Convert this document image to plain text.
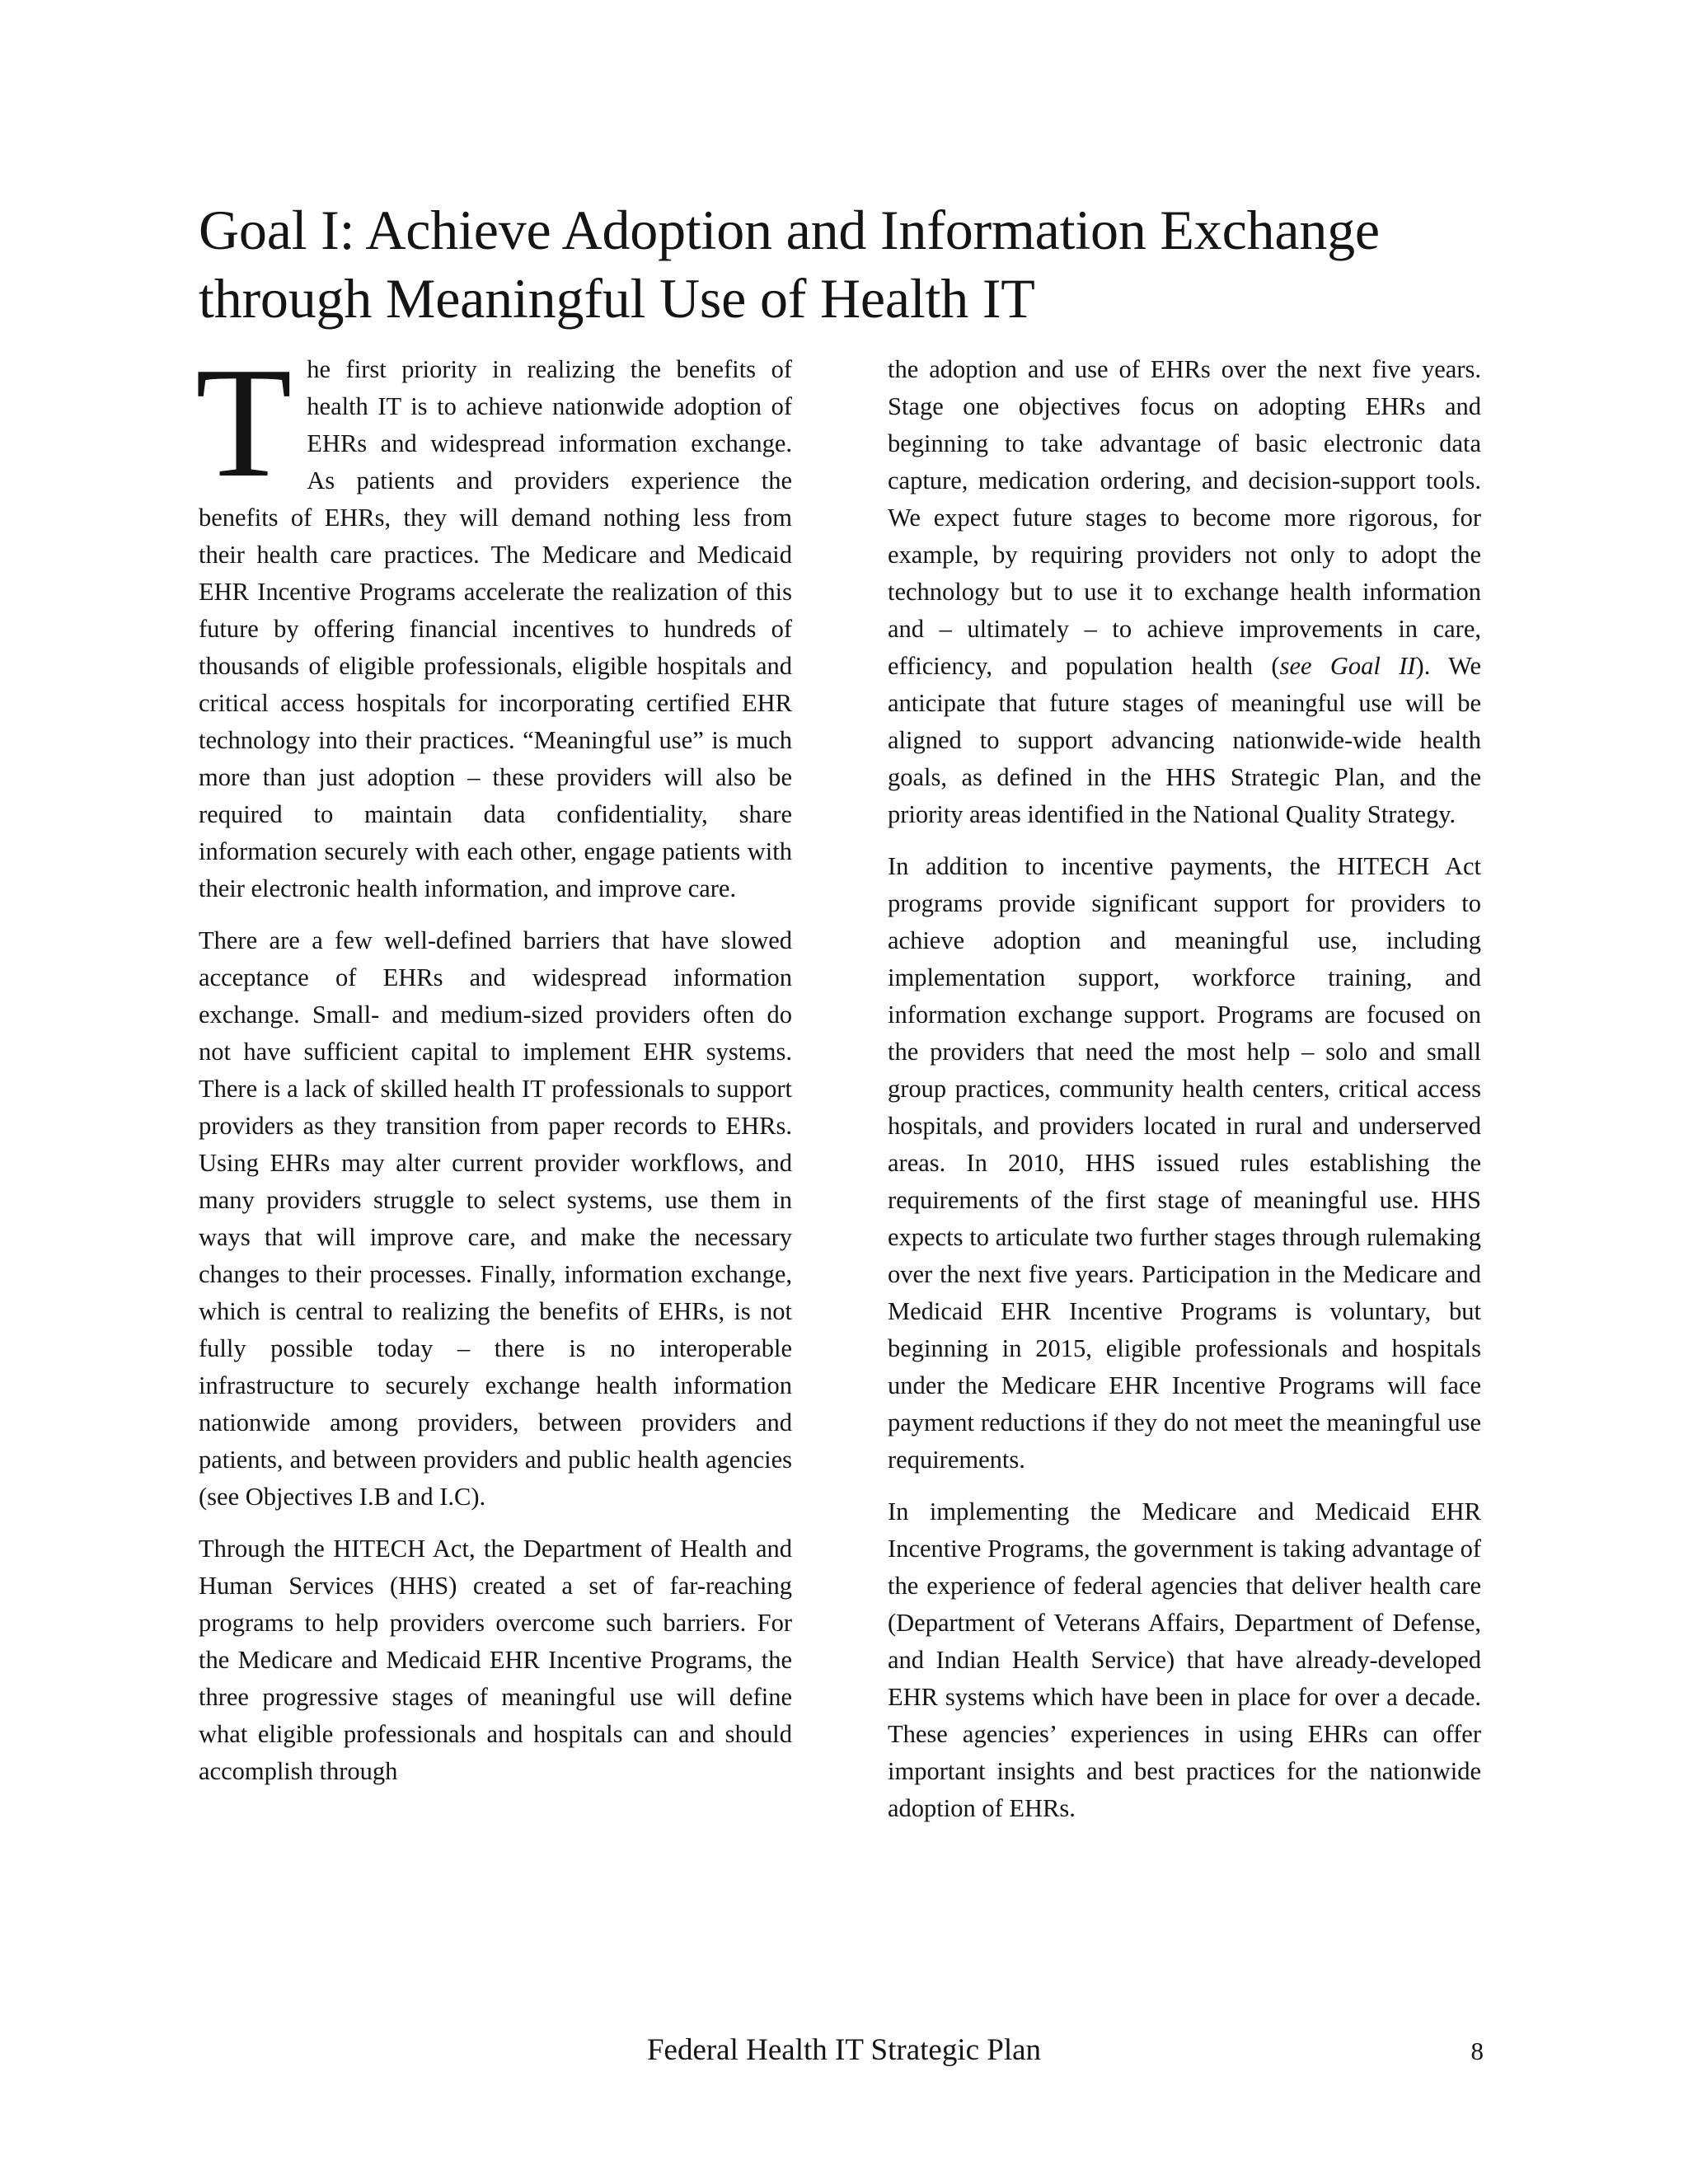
Goal I: Achieve Adoption and Information Exchange
through Meaningful Use of Health IT

The first priority in realizing the benefits of health IT is to achieve nationwide adoption of EHRs and widespread information exchange. As patients and providers experience the benefits of EHRs, they will demand nothing less from their health care practices. The Medicare and Medicaid EHR Incentive Programs accelerate the realization of this future by offering financial incentives to hundreds of thousands of eligible professionals, eligible hospitals and critical access hospitals for incorporating certified EHR technology into their practices. “Meaningful use” is much more than just adoption – these providers will also be required to maintain data confidentiality, share information securely with each other, engage patients with their electronic health information, and improve care.

There are a few well-defined barriers that have slowed acceptance of EHRs and widespread information exchange. Small- and medium-sized providers often do not have sufficient capital to implement EHR systems. There is a lack of skilled health IT professionals to support providers as they transition from paper records to EHRs. Using EHRs may alter current provider workflows, and many providers struggle to select systems, use them in ways that will improve care, and make the necessary changes to their processes. Finally, information exchange, which is central to realizing the benefits of EHRs, is not fully possible today – there is no interoperable infrastructure to securely exchange health information nationwide among providers, between providers and patients, and between providers and public health agencies (see Objectives I.B and I.C).

Through the HITECH Act, the Department of Health and Human Services (HHS) created a set of far-reaching programs to help providers overcome such barriers. For the Medicare and Medicaid EHR Incentive Programs, the three progressive stages of meaningful use will define what eligible professionals and hospitals can and should accomplish through

the adoption and use of EHRs over the next five years. Stage one objectives focus on adopting EHRs and beginning to take advantage of basic electronic data capture, medication ordering, and decision-support tools. We expect future stages to become more rigorous, for example, by requiring providers not only to adopt the technology but to use it to exchange health information and – ultimately – to achieve improvements in care, efficiency, and population health (see Goal II). We anticipate that future stages of meaningful use will be aligned to support advancing nationwide-wide health goals, as defined in the HHS Strategic Plan, and the priority areas identified in the National Quality Strategy.

In addition to incentive payments, the HITECH Act programs provide significant support for providers to achieve adoption and meaningful use, including implementation support, workforce training, and information exchange support. Programs are focused on the providers that need the most help – solo and small group practices, community health centers, critical access hospitals, and providers located in rural and underserved areas. In 2010, HHS issued rules establishing the requirements of the first stage of meaningful use. HHS expects to articulate two further stages through rulemaking over the next five years. Participation in the Medicare and Medicaid EHR Incentive Programs is voluntary, but beginning in 2015, eligible professionals and hospitals under the Medicare EHR Incentive Programs will face payment reductions if they do not meet the meaningful use requirements.

In implementing the Medicare and Medicaid EHR Incentive Programs, the government is taking advantage of the experience of federal agencies that deliver health care (Department of Veterans Affairs, Department of Defense, and Indian Health Service) that have already-developed EHR systems which have been in place for over a decade. These agencies’ experiences in using EHRs can offer important insights and best practices for the nationwide adoption of EHRs.

Federal Health IT Strategic Plan	8
